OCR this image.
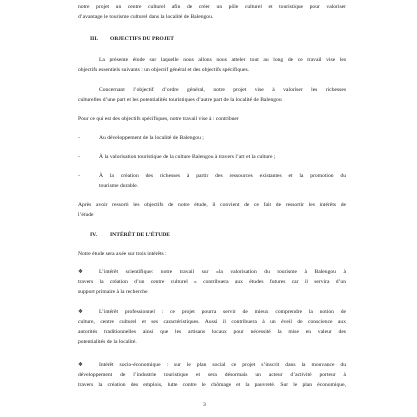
notre projet un centre culturel afin de créer un pôle culturel et touristique pour valoriser
d’avantage le tourisme culturel dans la localité de Balengou.
III. OBJECTIFS DU PROJET
La présente étude sur laquelle nous allons nous atteler tout au long de ce travail vise les
objectifs essentiels suivants : un objectif général et des objectifs spécifiques.
Concernant l’objectif d’ordre général, notre projet vise à valoriser les richesses
culturelles d’une part et les potentialités touristiques d’autre part de la localité de Balengou
Pour ce qui est des objectifs spécifiques, notre travail vise à : contribuer
-	Au développement de la localité de Balengou ;
-	À la valorisation touristique de la culture Balengou à travers l’art et la culture ;
-	À la création des richesses à partir des ressources existantes et la promotion du
tourisme durable.
Après avoir ressorti les objectifs de notre étude, il convient de ce fait de ressortir les intérêts de
l’étude
IV. INTÉRÊT DE L’ÉTUDE
Notre étude sera axée sur trois intérêts :
❖	L’intérêt scientifique: notre travail sur «la valorisation du tourisme à Balengou à
travers la création d’un centre culturel » contribuera aux études futures car il servira d’un
support primaire à la recherche
❖	L’intérêt professionnel : ce projet pourra servir de mieux comprendre la notion de
culture, centre culturel et ses caractéristiques. Aussi il contribuera à un éveil de conscience aux
autorités traditionnelles ainsi que les artisans locaux pour nécessité la mise en valeur des
potentialités de la localité.
❖	Intérêt socio-économique : sur le plan social ce projet s’inscrit dans la mouvance du
développement de l’industrie touristique et sera désormais un acteur d’activité porteur à
travers la création des emplois, lutte contre le chômage et la pauvreté. Sur le plan économique,
3
